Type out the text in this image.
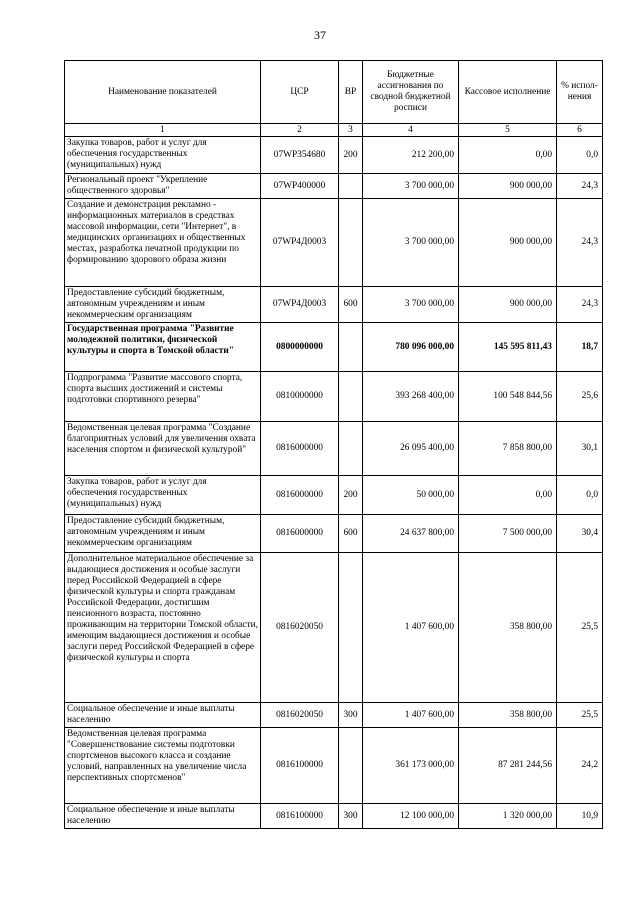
37
Наименование показателей	ЦСР	ВР	Бюджетные ассигнования по сводной бюджетной росписи	Кассовое исполнение	% испол-нения
1	2	3	4	5	6
Закупка товаров, работ и услуг для обеспечения государственных (муниципальных) нужд	07WP354680	200	212 200,00	0,00	0,0
Региональный проект "Укрепление общественного здоровья"	07WP400000		3 700 000,00	900 000,00	24,3
Создание и демонстрация рекламно - информационных материалов в средствах массовой информации, сети "Интернет", в медицинских организациях и общественных местах, разработка печатной продукции по формированию здорового образа жизни	07WP4Д0003		3 700 000,00	900 000,00	24,3
Предоставление субсидий бюджетным, автономным учреждениям и иным некоммерческим организациям	07WP4Д0003	600	3 700 000,00	900 000,00	24,3
Государственная программа "Развитие молодежной политики, физической культуры и спорта в Томской области"	0800000000		780 096 000,00	145 595 811,43	18,7
Подпрограмма "Развитие массового спорта, спорта высших достижений и системы подготовки спортивного резерва"	0810000000		393 268 400,00	100 548 844,56	25,6
Ведомственная целевая программа "Создание благоприятных условий для увеличения охвата населения спортом и физической культурой"	0816000000		26 095 400,00	7 858 800,00	30,1
Закупка товаров, работ и услуг для обеспечения государственных (муниципальных) нужд	0816000000	200	50 000,00	0,00	0,0
Предоставление субсидий бюджетным, автономным учреждениям и иным некоммерческим организациям	0816000000	600	24 637 800,00	7 500 000,00	30,4
Дополнительное материальное обеспечение за выдающиеся достижения и особые заслуги перед Российской Федерацией в сфере физической культуры и спорта гражданам Российской Федерации, достигшим пенсионного возраста, постоянно проживающим на территории Томской области, имеющим выдающиеся достижения и особые заслуги перед Российской Федерацией в сфере физической культуры и спорта	0816020050		1 407 600,00	358 800,00	25,5
Социальное обеспечение и иные выплаты населению	0816020050	300	1 407 600,00	358 800,00	25,5
Ведомственная целевая программа "Совершенствование системы подготовки спортсменов высокого класса и создание условий, направленных на увеличение числа перспективных спортсменов"	0816100000		361 173 000,00	87 281 244,56	24,2
Социальное обеспечение и иные выплаты населению	0816100000	300	12 100 000,00	1 320 000,00	10,9
